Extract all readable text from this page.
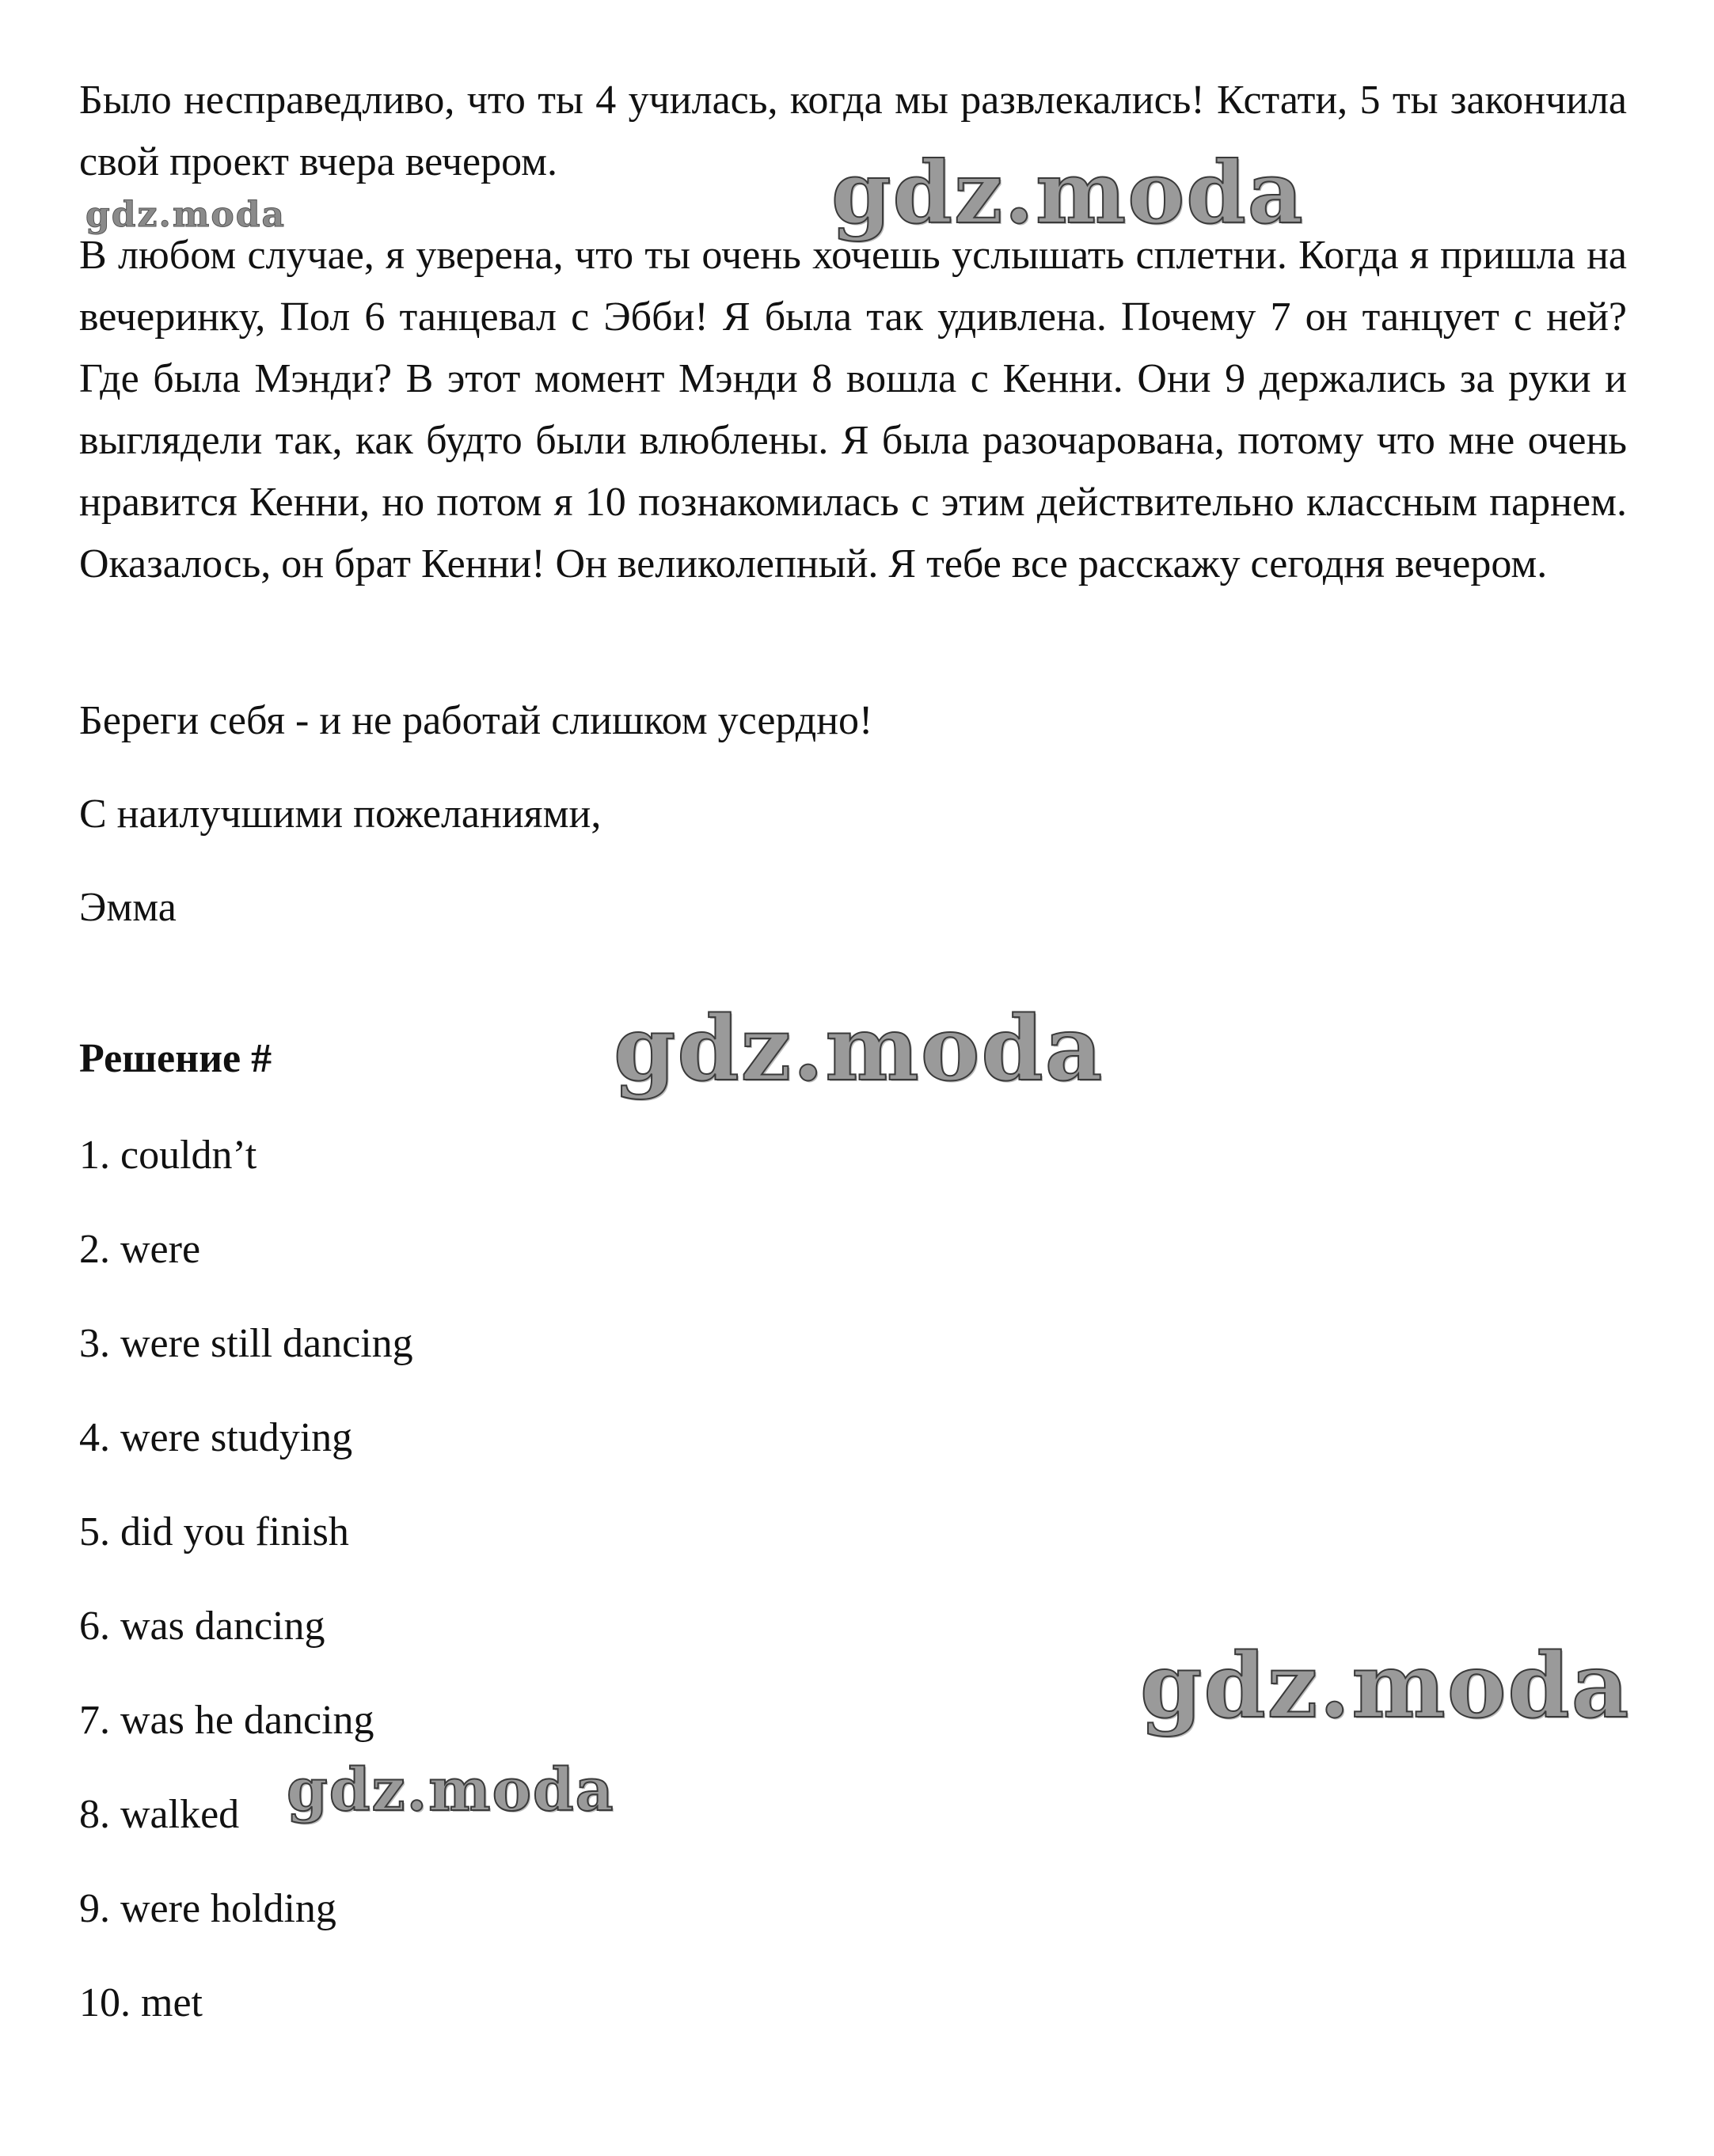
Было несправедливо, что ты 4 училась, когда мы развлекались! Кстати, 5 ты закончила свой проект вчера вечером.

В любом случае, я уверена, что ты очень хочешь услышать сплетни. Когда я пришла на вечеринку, Пол 6 танцевал с Эбби! Я была так удивлена. Почему 7 он танцует с ней? Где была Мэнди? В этот момент Мэнди 8 вошла с Кенни. Они 9 держались за руки и выглядели так, как будто были влюблены. Я была разочарована, потому что мне очень нравится Кенни, но потом я 10 познакомилась с этим действительно классным парнем. Оказалось, он брат Кенни! Он великолепный. Я тебе все расскажу сегодня вечером.

Береги себя - и не работай слишком усердно!

С наилучшими пожеланиями,

Эмма

Решение #

1. couldn’t

2. were

3. were still dancing

4. were studying

5. did you finish

6. was dancing

7. was he dancing

8. walked

9. were holding

10. met

gdz.moda	gdz.moda
gdz.moda
gdz.moda
gdz.moda
